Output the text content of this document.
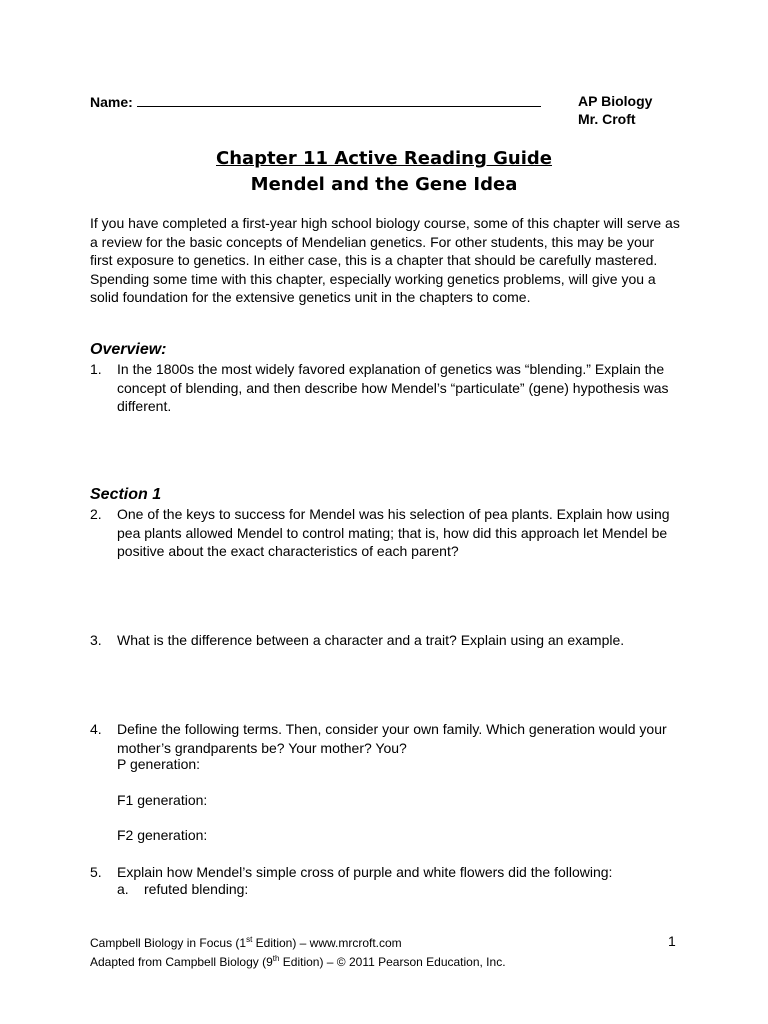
Name:	AP Biology
Mr. Croft
Chapter 11 Active Reading Guide
Mendel and the Gene Idea
If you have completed a first-year high school biology course, some of this chapter will serve as a review for the basic concepts of Mendelian genetics. For other students, this may be your first exposure to genetics. In either case, this is a chapter that should be carefully mastered. Spending some time with this chapter, especially working genetics problems, will give you a solid foundation for the extensive genetics unit in the chapters to come.
Overview:
1. In the 1800s the most widely favored explanation of genetics was “blending.” Explain the concept of blending, and then describe how Mendel’s “particulate” (gene) hypothesis was different.
Section 1
2. One of the keys to success for Mendel was his selection of pea plants. Explain how using pea plants allowed Mendel to control mating; that is, how did this approach let Mendel be positive about the exact characteristics of each parent?
3. What is the difference between a character and a trait? Explain using an example.
4. Define the following terms. Then, consider your own family. Which generation would your mother’s grandparents be? Your mother? You?
P generation:
F1 generation:
F2 generation:
5. Explain how Mendel’s simple cross of purple and white flowers did the following:
a. refuted blending:
Campbell Biology in Focus (1st Edition) – www.mrcroft.com
Adapted from Campbell Biology (9th Edition) – © 2011 Pearson Education, Inc.
1
